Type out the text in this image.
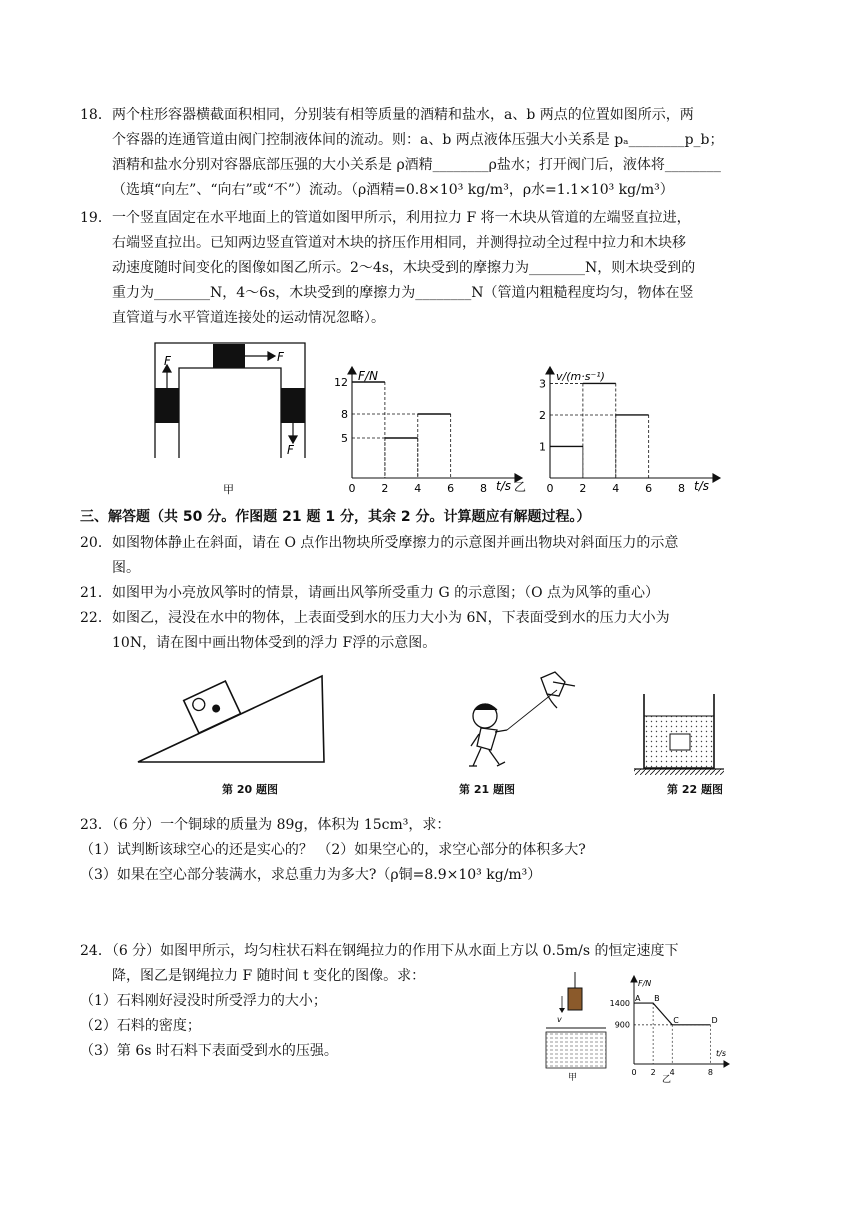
18． 两个柱形容器横截面积相同，分别装有相等质量的酒精和盐水，a、b 两点的位置如图所示，两
个容器的连通管道由阀门控制液体间的流动。则：a、b 两点液体压强大小关系是 pₐ________p_b；
酒精和盐水分别对容器底部压强的大小关系是 ρ酒精________ρ盐水；打开阀门后，液体将________
（选填“向左”、“向右”或“不”）流动。（ρ酒精=0.8×10³ kg/m³，ρ水=1.1×10³ kg/m³）
19． 一个竖直固定在水平地面上的管道如图甲所示，利用拉力 F 将一木块从管道的左端竖直拉进，
右端竖直拉出。已知两边竖直管道对木块的挤压作用相同，并测得拉动全过程中拉力和木块移
动速度随时间变化的图像如图乙所示。2～4s，木块受到的摩擦力为________N，则木块受到的
重力为________N，4～6s，木块受到的摩擦力为________N（管道内粗糙程度均匀，物体在竖
直管道与水平管道连接处的运动情况忽略）。
F	F
F
甲	0 2 4 6 8
5
8
12 F/N
t/s 乙 0 2 4 6 8
1
2
3
v/(m·s⁻¹)
t/s
三、解答题（共 50 分。作图题 21 题 1 分，其余 2 分。计算题应有解题过程。）
20． 如图物体静止在斜面，请在 O 点作出物块所受摩擦力的示意图并画出物块对斜面压力的示意
图。
21． 如图甲为小亮放风筝时的情景，请画出风筝所受重力 G 的示意图；（O 点为风筝的重心）
22． 如图乙，浸没在水中的物体，上表面受到水的压力大小为 6N，下表面受到水的压力大小为
10N，请在图中画出物体受到的浮力 F浮的示意图。
第 20 题图	第 21 题图	第 22 题图
23．（6 分）一个铜球的质量为 89g，体积为 15cm³，求：
（1）试判断该球空心的还是实心的？ （2）如果空心的，求空心部分的体积多大?
（3）如果在空心部分装满水，求总重力为多大?（ρ铜=8.9×10³ kg/m³）
24．（6 分）如图甲所示，均匀柱状石料在钢绳拉力的作用下从水面上方以 0.5m/s 的恒定速度下
降，图乙是钢绳拉力 F 随时间 t 变化的图像。求：
（1）石料刚好浸没时所受浮力的大小；
（2）石料的密度；
（3）第 6s 时石料下表面受到水的压强。
v
甲
0 2 4	8
900
1400
A B
C	D
F/N
t/s
乙
